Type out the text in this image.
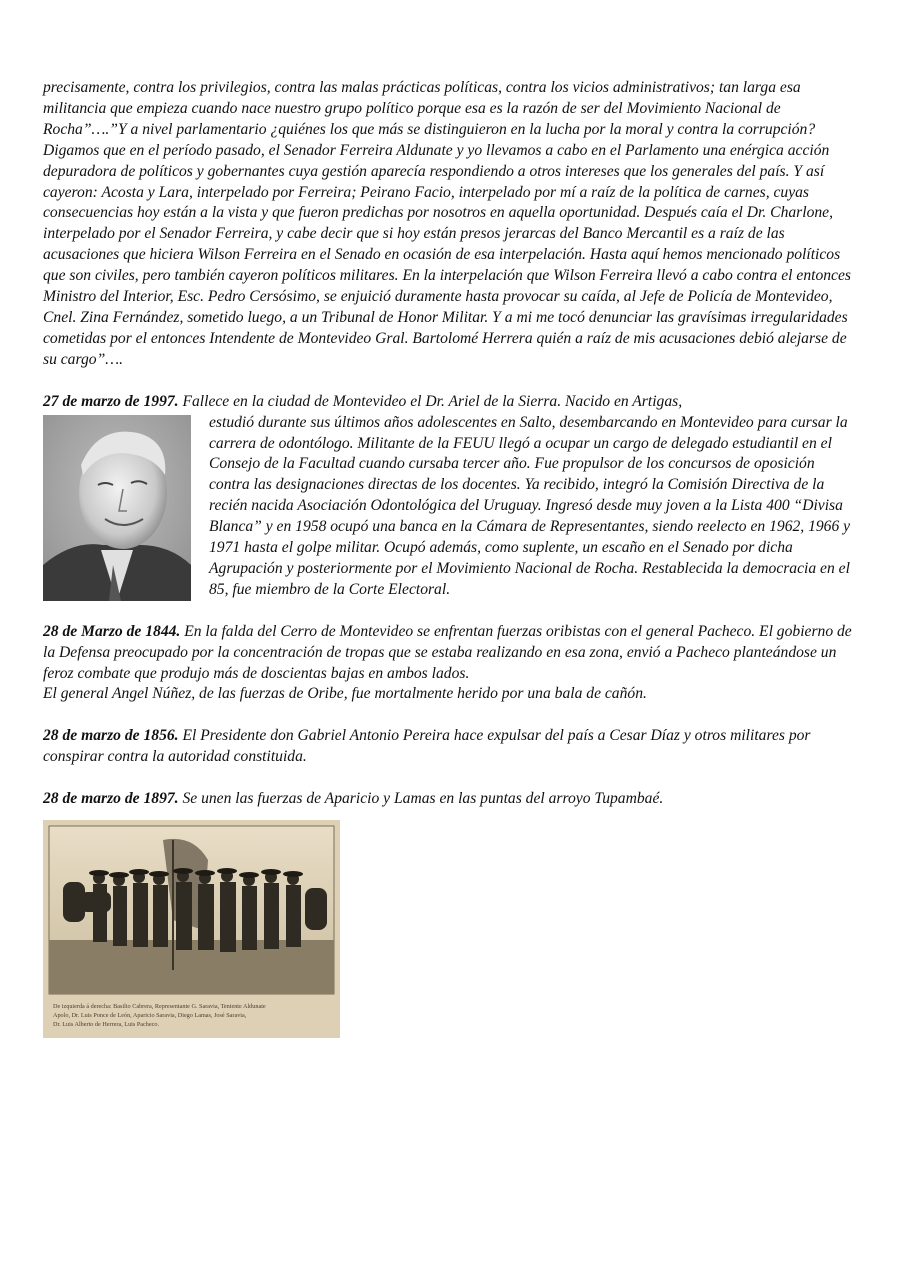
precisamente, contra los privilegios, contra las malas prácticas políticas, contra los vicios administrativos; tan larga esa militancia que empieza cuando nace nuestro grupo político porque esa es la razón de ser del Movimiento Nacional de Rocha”….”Y a nivel parlamentario ¿quiénes los que más se distinguieron en la lucha por la moral y contra la corrupción? Digamos que en el período pasado, el Senador Ferreira Aldunate y yo llevamos a cabo en el Parlamento una enérgica acción depuradora de políticos y gobernantes cuya gestión aparecía respondiendo a otros intereses que los generales del país. Y así cayeron: Acosta y Lara, interpelado por Ferreira; Peirano Facio, interpelado por mí a raíz de la política de carnes, cuyas consecuencias hoy están a la vista y que fueron predichas por nosotros en aquella oportunidad. Después caía el Dr. Charlone, interpelado por el Senador Ferreira, y cabe decir que si hoy están presos jerarcas del Banco Mercantil es a raíz de las acusaciones que hiciera Wilson Ferreira en el Senado en ocasión de esa interpelación. Hasta aquí hemos mencionado políticos que son civiles, pero también cayeron políticos militares. En la interpelación que Wilson Ferreira llevó a cabo contra el entonces Ministro del Interior, Esc. Pedro Cersósimo, se enjuició duramente hasta provocar su caída, al Jefe de Policía de Montevideo, Cnel. Zina Fernández, sometido luego, a un Tribunal de Honor Militar. Y a mi me tocó denunciar las gravísimas irregularidades cometidas por el entonces Intendente de Montevideo Gral. Bartolomé Herrera quién a raíz de mis acusaciones debió alejarse de su cargo”….

27 de marzo de 1997. Fallece en la ciudad de Montevideo el Dr. Ariel de la Sierra. Nacido en Artigas,

estudió durante sus últimos años adolescentes en Salto, desembarcando en Montevideo para cursar la carrera de odontólogo. Militante de la FEUU llegó a ocupar un cargo de delegado estudiantil en el Consejo de la Facultad cuando cursaba tercer año. Fue propulsor de los concursos de oposición contra las designaciones directas de los docentes. Ya recibido, integró la Comisión Directiva de la recién nacida Asociación Odontológica del Uruguay. Ingresó desde muy joven a la Lista 400 “Divisa Blanca” y en 1958 ocupó una banca en la Cámara de Representantes, siendo reelecto en 1962, 1966 y 1971 hasta el golpe militar. Ocupó además, como suplente, un escaño en el Senado por dicha Agrupación y posteriormente por el Movimiento Nacional de Rocha. Restablecida la democracia en el 85, fue miembro de la Corte Electoral.

28 de Marzo de 1844. En la falda del Cerro de Montevideo se enfrentan fuerzas oribistas con el general Pacheco. El gobierno de la Defensa preocupado por la concentración de tropas que se estaba realizando en esa zona, envió a Pacheco planteándose un feroz combate que produjo más de doscientas bajas en ambos lados.

El general Angel Núñez, de las fuerzas de Oribe, fue mortalmente herido por una bala de cañón.

28 de marzo de 1856. El Presidente don Gabriel Antonio Pereira hace expulsar del país a Cesar Díaz y otros militares por conspirar contra la autoridad constituida.

28 de marzo de 1897. Se unen las fuerzas de Aparicio y Lamas en las puntas del arroyo Tupambaé.

De izquierda á derecha: Basilio Cabrera, Representante G. Saravia, Teniente Aldunate
Apolo, Dr. Luis Ponce de León, Aparicio Saravia, Diego Lamas, José Saravia,
Dr. Luis Alberto de Herrera, Luis Pacheco.
